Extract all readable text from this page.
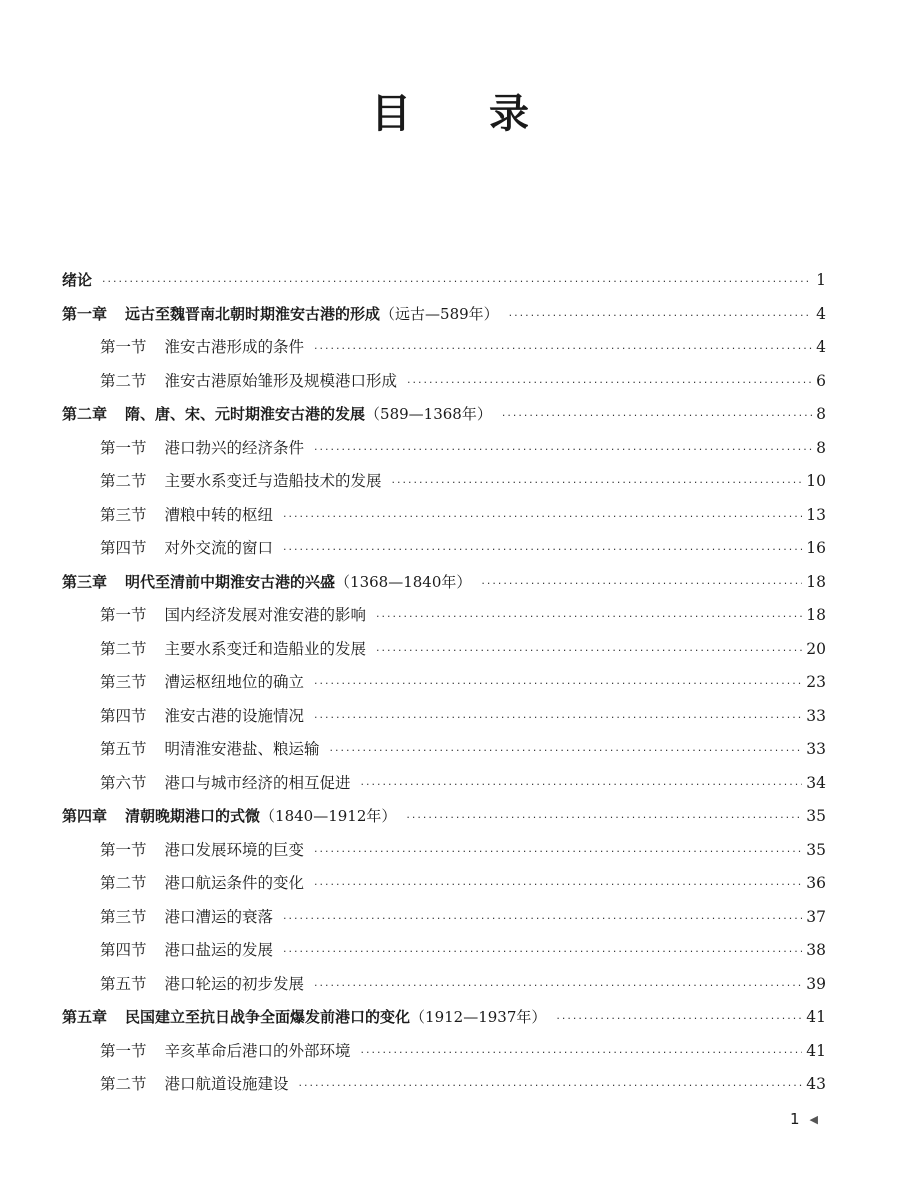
目 录
绪论 ·····	1
第一章 远古至魏晋南北朝时期淮安古港的形成（远古—589年） ·····	4
第一节 淮安古港形成的条件 ·····	4
第二节 淮安古港原始雏形及规模港口形成 ·····	6
第二章 隋、唐、宋、元时期淮安古港的发展（589—1368年） ·····	8
第一节 港口勃兴的经济条件 ·····	8
第二节 主要水系变迁与造船技术的发展 ·····	10
第三节 漕粮中转的枢纽 ·····	13
第四节 对外交流的窗口 ·····	16
第三章 明代至清前中期淮安古港的兴盛（1368—1840年） ·····	18
第一节 国内经济发展对淮安港的影响 ·····	18
第二节 主要水系变迁和造船业的发展 ·····	20
第三节 漕运枢纽地位的确立 ·····	23
第四节 淮安古港的设施情况 ·····	33
第五节 明清淮安港盐、粮运输 ·····	33
第六节 港口与城市经济的相互促进 ·····	34
第四章 清朝晚期港口的式微（1840—1912年） ·····	35
第一节 港口发展环境的巨变 ·····	35
第二节 港口航运条件的变化 ·····	36
第三节 港口漕运的衰落 ·····	37
第四节 港口盐运的发展 ·····	38
第五节 港口轮运的初步发展 ·····	39
第五章 民国建立至抗日战争全面爆发前港口的变化（1912—1937年） ·····	41
第一节 辛亥革命后港口的外部环境 ·····	41
第二节 港口航道设施建设 ·····	43
1 ◀
